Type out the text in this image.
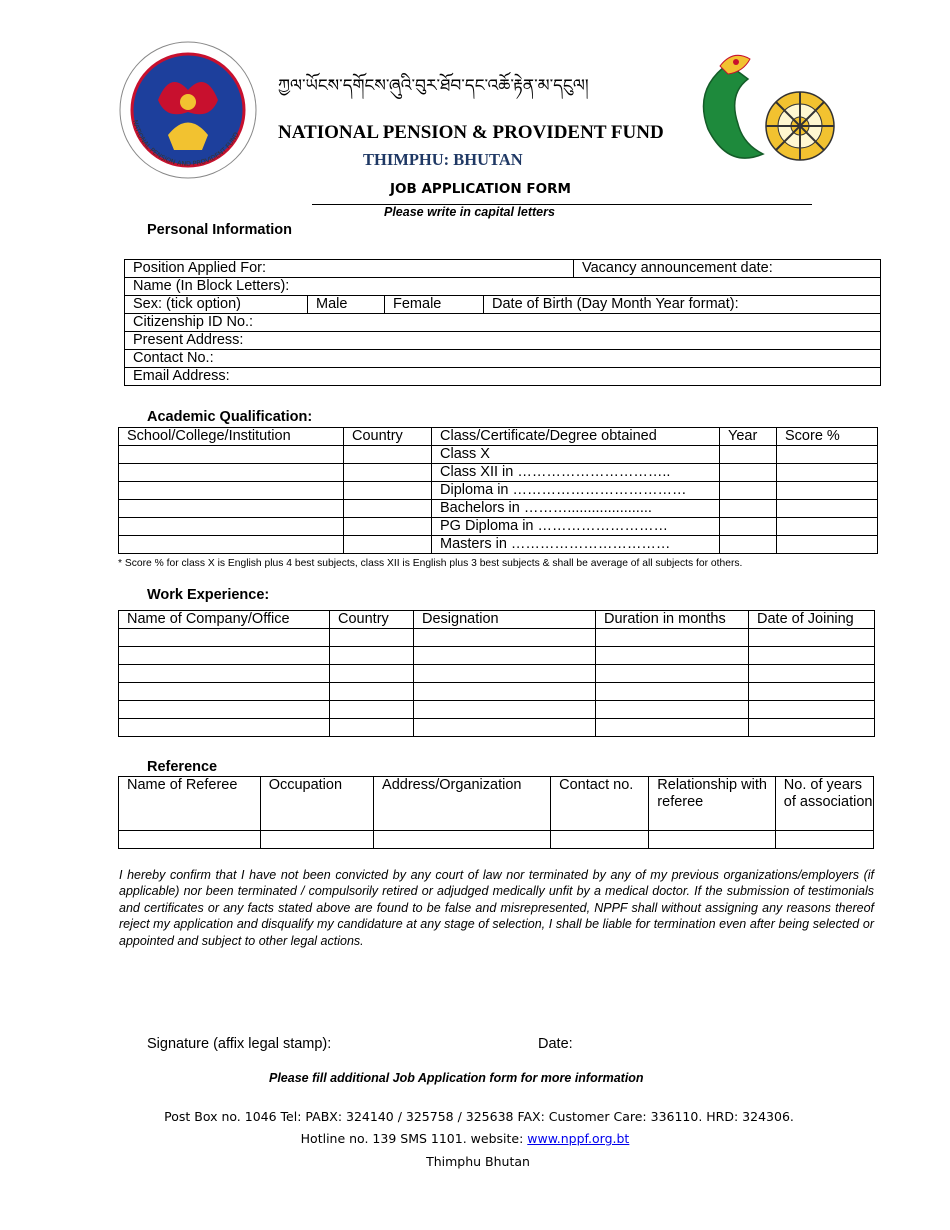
NATIONAL PENSION AND PROVIDENT FUND
ཀྱལ་ཡོངས་དགོངས་ཞུའི་བུར་ཐོབ་དང་འཆོ་རྟེན་མ་དངུལ།
NATIONAL PENSION & PROVIDENT FUND
THIMPHU: BHUTAN
JOB APPLICATION FORM
Please write in capital letters
Personal Information
Position Applied For:				Vacancy announcement date:
Name (In Block Letters):				
Sex: (tick option)	Male	Female	Date of Birth (Day Month Year format):	
Citizenship ID No.:				
Present Address:				
Contact No.:				
Email Address:				
Academic Qualification:
School/College/Institution	Country	Class/Certificate/Degree obtained	Year	Score %
		Class X		
		Class XII in …………………………..		
		Diploma in ………………………………		
		Bachelors in ……….....................		
		PG Diploma in ………………………		
		Masters in ……………………………		
* Score % for class X is English plus 4 best subjects, class XII is English plus 3 best subjects & shall be average of all subjects for others.
Work Experience:
Name of Company/Office	Country	Designation	Duration in months	Date of Joining

Reference
Name of Referee	Occupation	Address/Organization	Contact no.	Relationship with referee	No. of years of association

I hereby confirm that I have not been convicted by any court of law nor terminated by any of my previous organizations/employers (if applicable) nor been terminated / compulsorily retired or adjudged medically unfit by a medical doctor. If the submission of testimonials and certificates or any facts stated above are found to be false and misrepresented, NPPF shall without assigning any reasons thereof reject my application and disqualify my candidature at any stage of selection, I shall be liable for termination even after being selected or appointed and subject to other legal actions.
Signature (affix legal stamp):	Date:
Please fill additional Job Application form for more information
Post Box no. 1046 Tel: PABX: 324140 / 325758 / 325638 FAX: Customer Care: 336110. HRD: 324306.
Hotline no. 139 SMS 1101. website: www.nppf.org.bt
Thimphu Bhutan
